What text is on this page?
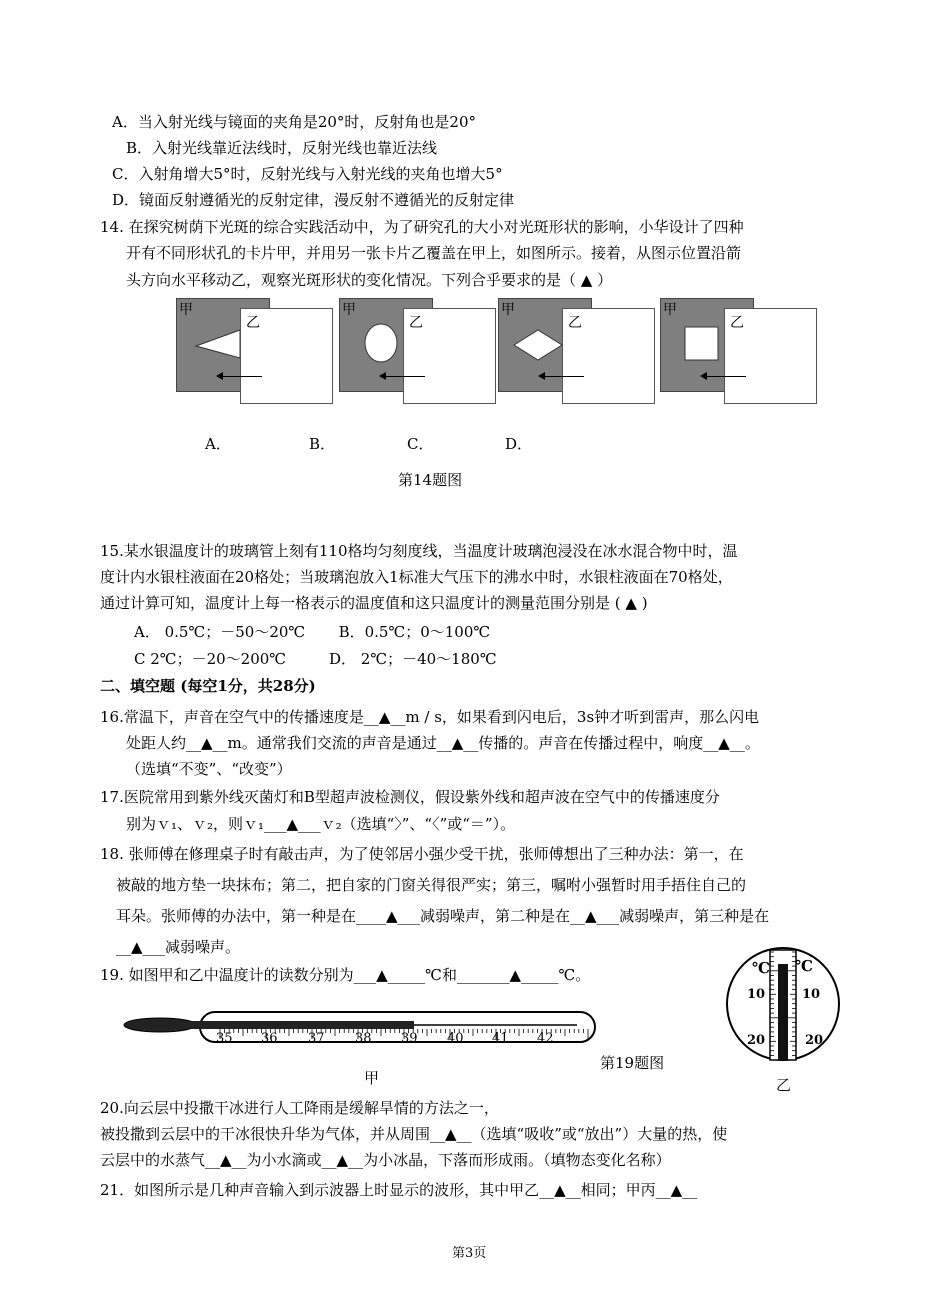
A．当入射光线与镜面的夹角是20°时，反射角也是20°
B．入射光线靠近法线时，反射光线也靠近法线
C．入射角增大5°时，反射光线与入射光线的夹角也增大5°
D．镜面反射遵循光的反射定律，漫反射不遵循光的反射定律
14. 在探究树荫下光斑的综合实践活动中，为了研究孔的大小对光斑形状的影响，小华设计了四种
开有不同形状孔的卡片甲，并用另一张卡片乙覆盖在甲上，如图所示。接着，从图示位置沿箭
头方向水平移动乙，观察光斑形状的变化情况。下列合乎要求的是（ ▲ ）
甲
乙
甲
乙
甲
乙
甲
乙
A．	B．	C．	D．
第14题图
15.某水银温度计的玻璃管上刻有110格均匀刻度线，当温度计玻璃泡浸没在冰水混合物中时，温
度计内水银柱液面在20格处；当玻璃泡放入1标准大气压下的沸水中时，水银柱液面在70格处，
通过计算可知，温度计上每一格表示的温度值和这只温度计的测量范围分别是 ( ▲ )
A． 0.5℃；－50～20℃       B．0.5℃；0～100℃
C 2℃；－20～200℃         D． 2℃；－40～180℃
二、填空题 (每空1分，共28分)
16.常温下，声音在空气中的传播速度是__▲__m / s，如果看到闪电后，3s钟才听到雷声，那么闪电
处距人约__▲__m。通常我们交流的声音是通过__▲__传播的。声音在传播过程中，响度__▲__。
（选填“不变”、“改变”）
17.医院常用到紫外线灭菌灯和B型超声波检测仪，假设紫外线和超声波在空气中的传播速度分
别为ｖ₁、ｖ₂，则ｖ₁___▲___ｖ₂（选填“〉”、“〈”或“＝”）。
18. 张师傅在修理桌子时有敲击声，为了使邻居小强少受干扰，张师傅想出了三种办法：第一，在
被敲的地方垫一块抹布；第二，把自家的门窗关得很严实；第三，嘱咐小强暂时用手捂住自己的
耳朵。张师傅的办法中，第一种是在____▲___减弱噪声，第二种是在__▲___减弱噪声，第三种是在
__▲___减弱噪声。
19. 如图甲和乙中温度计的读数分别为___▲_____℃和_______▲_____℃。
35 36 37 38 39 40 41 42
甲
第19题图
℃ ℃
10	10
20	20
乙
20.向云层中投撒干冰进行人工降雨是缓解旱情的方法之一，
被投撒到云层中的干冰很快升华为气体，并从周围__▲__（选填“吸收”或“放出”）大量的热，使
云层中的水蒸气__▲__为小水滴或__▲__为小冰晶，下落而形成雨。（填物态变化名称）
21．如图所示是几种声音输入到示波器上时显示的波形，其中甲乙__▲__相同；甲丙__▲__
第3页
